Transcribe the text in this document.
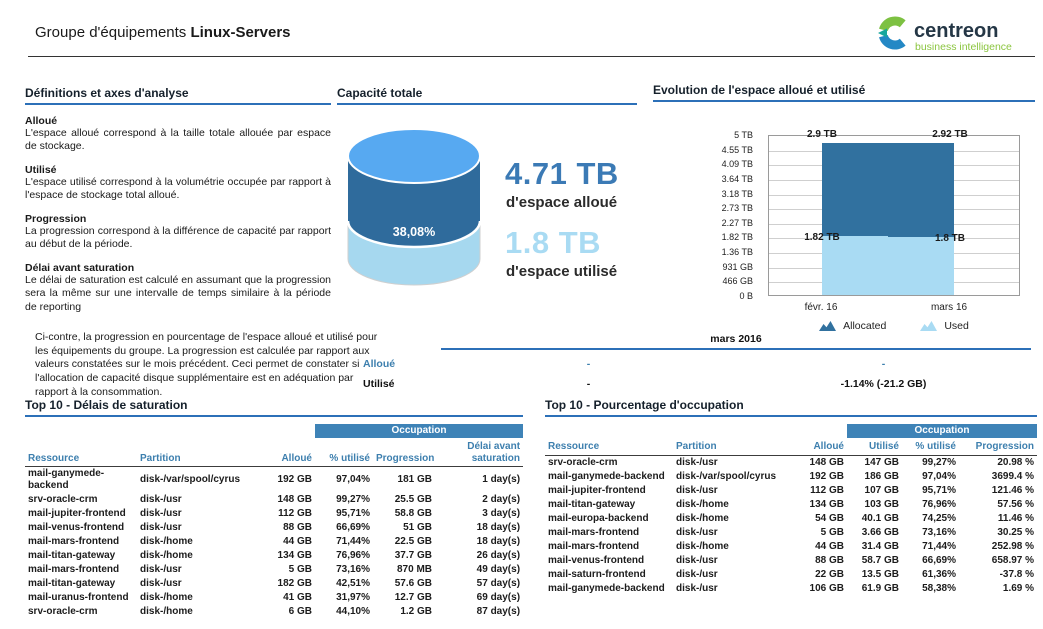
Groupe d'équipements Linux-Servers	centreon
business intelligence
Définitions et axes d'analyse
Alloué
L'espace alloué correspond à la taille totale allouée par espace de stockage.
Utilisé
L'espace utilisé correspond à la volumétrie occupée par rapport à l'espace de stockage total alloué.
Progression
La progression correspond à la différence de capacité par rapport au début de la période.
Délai avant saturation
Le délai de saturation est calculé en assumant que la progression sera la même sur une intervalle de temps similaire à la période de reporting
Capacité totale
38,08%
4.71 TB
d'espace alloué
1.8 TB
d'espace utilisé
Evolution de l'espace alloué et utilisé
5 TB
4.55 TB
4.09 TB
3.64 TB
3.18 TB
2.73 TB
2.27 TB
1.82 TB
1.36 TB
931 GB
466 GB
0 B
2.9 TB
1.82 TB
2.92 TB
1.8 TB
févr. 16	mars 16
Allocated	Used

Ci-contre, la progression en pourcentage de l'espace alloué et utilisé pour les équipements du groupe. La progression est calculée par rapport aux valeurs constatées sur le mois précédent. Ceci permet de constater si l'allocation de capacité disque supplémentaire est en adéquation par rapport à la consommation.

mars 2016
Alloué	-	-
Utilisé	-	-1.14% (-21.2 GB)
Top 10 - Délais de saturation
			Occupation		
Ressource	Partition	Alloué	% utilisé	Progression	Délai avant saturation
mail-ganymede-backend	disk-/var/spool/cyrus	192 GB	97,04%	181 GB	1 day(s)
srv-oracle-crm	disk-/usr	148 GB	99,27%	25.5 GB	2 day(s)
mail-jupiter-frontend	disk-/usr	112 GB	95,71%	58.8 GB	3 day(s)
mail-venus-frontend	disk-/usr	88 GB	66,69%	51 GB	18 day(s)
mail-mars-frontend	disk-/home	44 GB	71,44%	22.5 GB	18 day(s)
mail-titan-gateway	disk-/home	134 GB	76,96%	37.7 GB	26 day(s)
mail-mars-frontend	disk-/usr	5 GB	73,16%	870 MB	49 day(s)
mail-titan-gateway	disk-/usr	182 GB	42,51%	57.6 GB	57 day(s)
mail-uranus-frontend	disk-/home	41 GB	31,97%	12.7 GB	69 day(s)
srv-oracle-crm	disk-/home	6 GB	44,10%	1.2 GB	87 day(s)
Top 10 - Pourcentage d'occupation
			Occupation		
Ressource	Partition	Alloué	Utilisé	% utilisé	Progression
srv-oracle-crm	disk-/usr	148 GB	147 GB	99,27%	20.98 %
mail-ganymede-backend	disk-/var/spool/cyrus	192 GB	186 GB	97,04%	3699.4 %
mail-jupiter-frontend	disk-/usr	112 GB	107 GB	95,71%	121.46 %
mail-titan-gateway	disk-/home	134 GB	103 GB	76,96%	57.56 %
mail-europa-backend	disk-/home	54 GB	40.1 GB	74,25%	11.46 %
mail-mars-frontend	disk-/usr	5 GB	3.66 GB	73,16%	30.25 %
mail-mars-frontend	disk-/home	44 GB	31.4 GB	71,44%	252.98 %
mail-venus-frontend	disk-/usr	88 GB	58.7 GB	66,69%	658.97 %
mail-saturn-frontend	disk-/usr	22 GB	13.5 GB	61,36%	-37.8 %
mail-ganymede-backend	disk-/usr	106 GB	61.9 GB	58,38%	1.69 %
